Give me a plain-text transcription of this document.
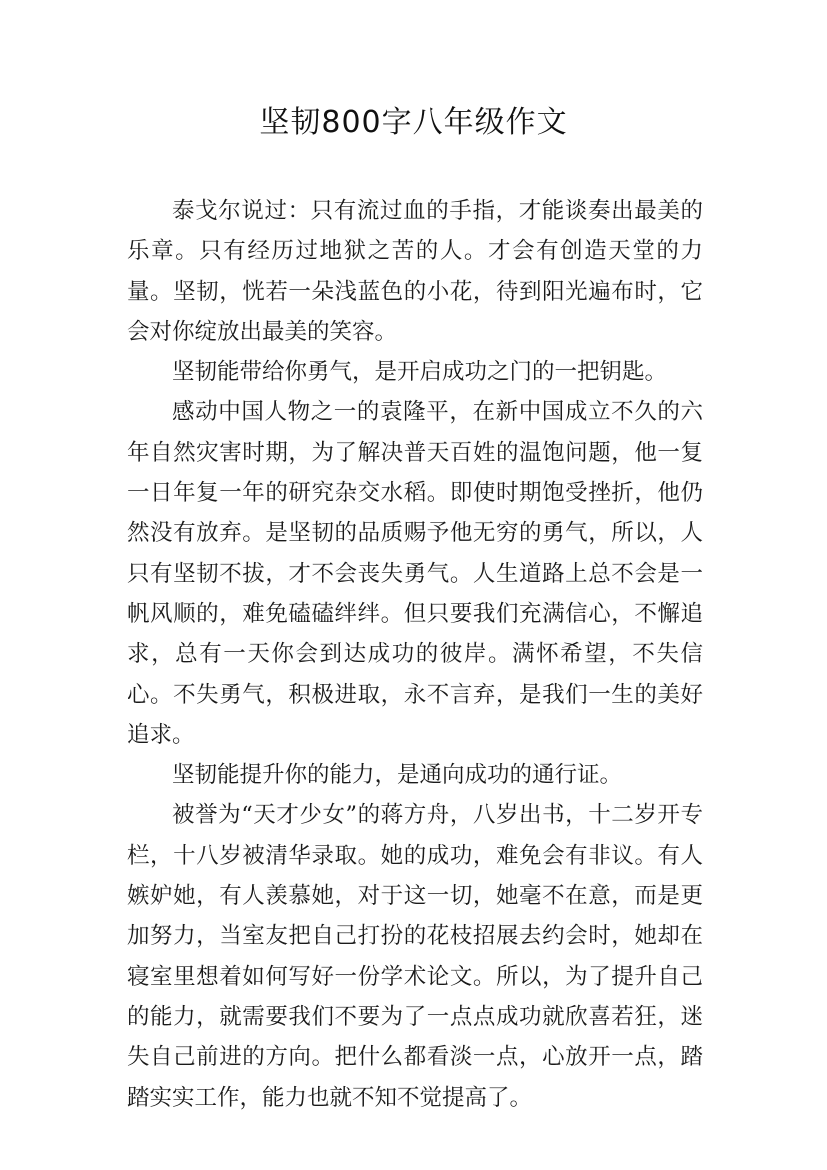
坚韧800字八年级作文

泰戈尔说过：只有流过血的手指，才能谈奏出最美的乐章。只有经历过地狱之苦的人。才会有创造天堂的力量。坚韧，恍若一朵浅蓝色的小花，待到阳光遍布时，它会对你绽放出最美的笑容。

坚韧能带给你勇气，是开启成功之门的一把钥匙。

感动中国人物之一的袁隆平，在新中国成立不久的六年自然灾害时期，为了解决普天百姓的温饱问题，他一复一日年复一年的研究杂交水稻。即使时期饱受挫折，他仍然没有放弃。是坚韧的品质赐予他无穷的勇气，所以，人只有坚韧不拔，才不会丧失勇气。人生道路上总不会是一帆风顺的，难免磕磕绊绊。但只要我们充满信心，不懈追求，总有一天你会到达成功的彼岸。满怀希望，不失信心。不失勇气，积极进取，永不言弃，是我们一生的美好追求。

坚韧能提升你的能力，是通向成功的通行证。

被誉为“天才少女”的蒋方舟，八岁出书，十二岁开专栏，十八岁被清华录取。她的成功，难免会有非议。有人嫉妒她，有人羡慕她，对于这一切，她毫不在意，而是更加努力，当室友把自己打扮的花枝招展去约会时，她却在寝室里想着如何写好一份学术论文。所以，为了提升自己的能力，就需要我们不要为了一点点成功就欣喜若狂，迷失自己前进的方向。把什么都看淡一点，心放开一点，踏踏实实工作，能力也就不知不觉提高了。
